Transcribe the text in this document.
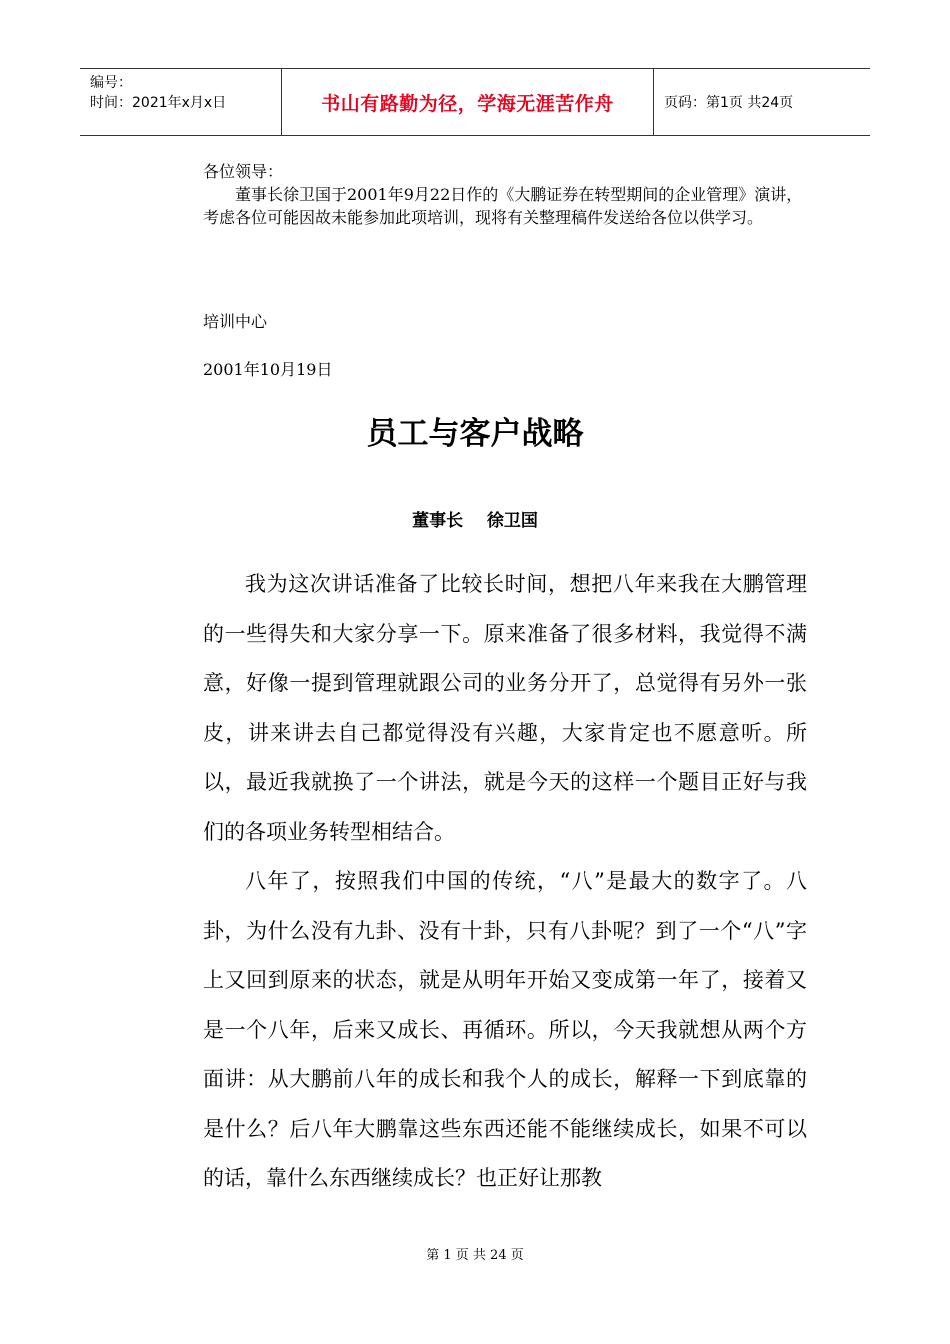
编号：
时间：2021年x月x日	书山有路勤为径，学海无涯苦作舟	页码：第1页 共24页

各位领导：

董事长徐卫国于2001年9月22日作的《大鹏证券在转型期间的企业管理》演讲，考虑各位可能因故未能参加此项培训，现将有关整理稿件发送给各位以供学习。

培训中心

2001年10月19日

员工与客户战略

董事长    徐卫国

我为这次讲话准备了比较长时间，想把八年来我在大鹏管理的一些得失和大家分享一下。原来准备了很多材料，我觉得不满意，好像一提到管理就跟公司的业务分开了，总觉得有另外一张皮，讲来讲去自己都觉得没有兴趣，大家肯定也不愿意听。所以，最近我就换了一个讲法，就是今天的这样一个题目正好与我们的各项业务转型相结合。

八年了，按照我们中国的传统，“八”是最大的数字了。八卦，为什么没有九卦、没有十卦，只有八卦呢？到了一个“八”字上又回到原来的状态，就是从明年开始又变成第一年了，接着又是一个八年，后来又成长、再循环。所以，今天我就想从两个方面讲：从大鹏前八年的成长和我个人的成长，解释一下到底靠的是什么？后八年大鹏靠这些东西还能不能继续成长，如果不可以的话，靠什么东西继续成长？也正好让那教

第 1 页 共 24 页
